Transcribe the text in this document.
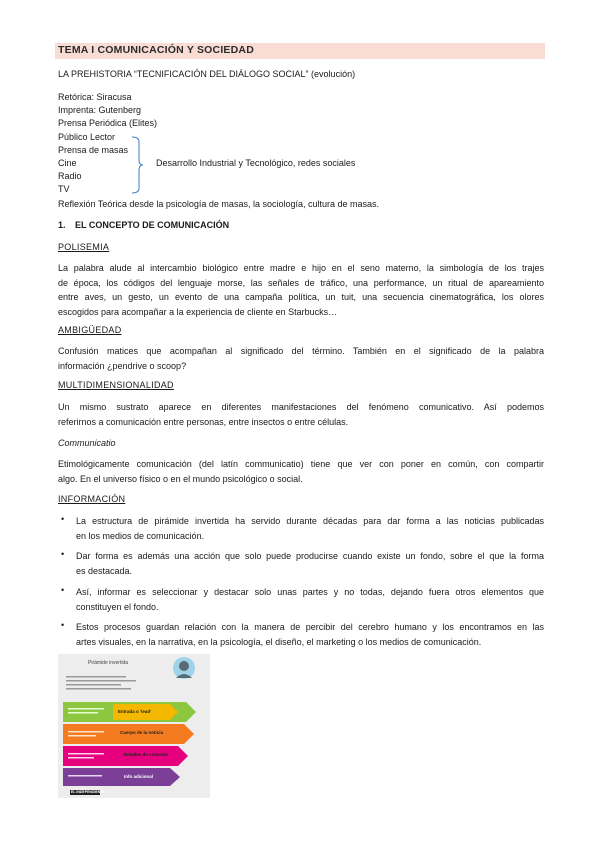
TEMA I COMUNICACIÓN Y SOCIEDAD
LA PREHISTORIA “TECNIFICACIÓN DEL DIÁLOGO SOCIAL” (evolución)
Retórica: Siracusa
Imprenta: Gutenberg
Prensa Periódica (Elites)
Público Lector
Prensa de masas
Cine
Radio
TV
Desarrollo Industrial y Tecnológico, redes sociales
Reflexión Teórica desde la psicología de masas, la sociología, cultura de masas.
1. EL CONCEPTO DE COMUNICACIÓN
POLISEMIA
La palabra alude al intercambio biológico entre madre e hijo en el seno materno, la simbología de los trajes
de época, los códigos del lenguaje morse, las señales de tráfico, una performance, un ritual de apareamiento
entre aves, un gesto, un evento de una campaña política, un tuit, una secuencia cinematográfica, los olores
escogidos para acompañar a la experiencia de cliente en Starbucks…
AMBIGÜEDAD
Confusión matices que acompañan al significado del término. También en el significado de la palabra
información ¿pendrive o scoop?
MULTIDIMENSIONALIDAD
Un mismo sustrato aparece en diferentes manifestaciones del fenómeno comunicativo. Así podemos
referirnos a comunicación entre personas, entre insectos o entre células.
Communicatio
Etimológicamente comunicación (del latín communicatio) tiene que ver con poner en común, con compartir
algo. En el universo físico o en el mundo psicológico o social.
INFORMACIÓN
• La estructura de pirámide invertida ha servido durante décadas para dar forma a las noticias publicadas
en los medios de comunicación.
• Dar forma es además una acción que solo puede producirse cuando existe un fondo, sobre el que la forma
es destacada.
• Así, informar es seleccionar y destacar solo unas partes y no todas, dejando fuera otros elementos que
constituyen el fondo.
• Estos procesos guardan relación con la manera de percibir del cerebro humano y los encontramos en las
artes visuales, en la narrativa, en la psicología, el diseño, el marketing o los medios de comunicación.
Pirámide invertida
Entrada o 'lead'
Cuerpo de la noticia
Detalles de contexto
Info adicional
EL INDEPENDIENTE
